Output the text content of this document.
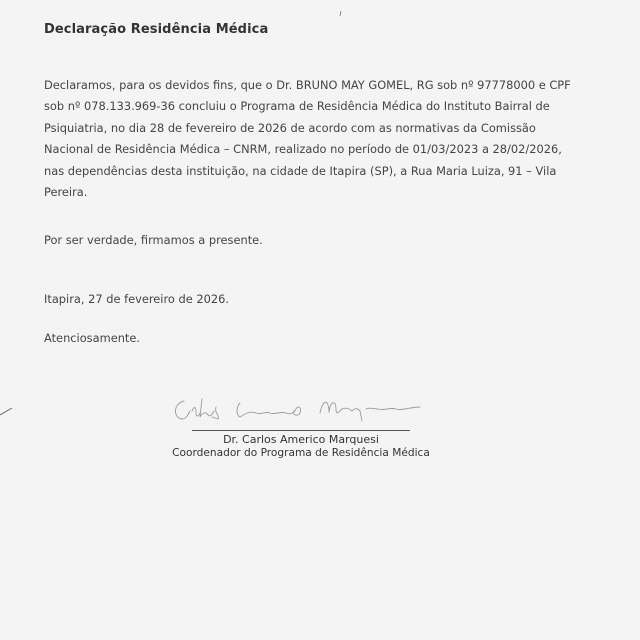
Declaração Residência Médica
Declaramos, para os devidos fins, que o Dr. BRUNO MAY GOMEL, RG sob nº 97778000 e CPF
sob nº 078.133.969-36 concluiu o Programa de Residência Médica do Instituto Bairral de
Psiquiatria, no dia 28 de fevereiro de 2026 de acordo com as normativas da Comissão
Nacional de Residência Médica – CNRM, realizado no período de 01/03/2023 a 28/02/2026,
nas dependências desta instituição, na cidade de Itapira (SP), a Rua Maria Luiza, 91 – Vila
Pereira.
Por ser verdade, firmamos a presente.
Itapira, 27 de fevereiro de 2026.
Atenciosamente.
Dr. Carlos Americo Marquesi
Coordenador do Programa de Residência Médica
